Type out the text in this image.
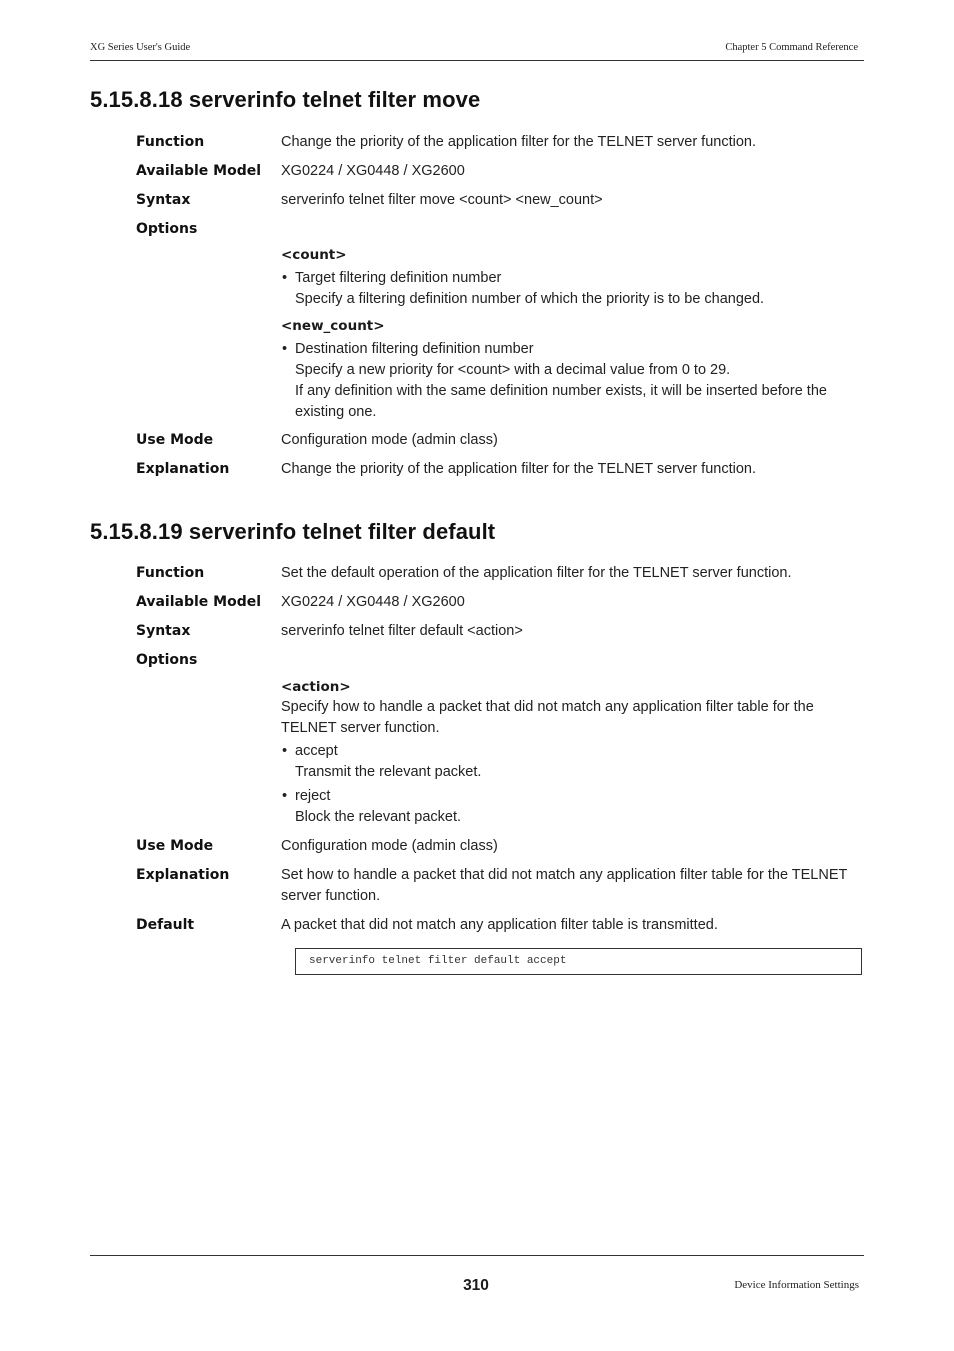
XG Series User's Guide	Chapter 5 Command Reference
5.15.8.18 serverinfo telnet filter move
Function	Change the priority of the application filter for the TELNET server function.
Available Model XG0224 / XG0448 / XG2600
Syntax	serverinfo telnet filter move <count> <new_count>
Options
<count>
• Target filtering definition number
Specify a filtering definition number of which the priority is to be changed.
<new_count>
• Destination filtering definition number
Specify a new priority for <count> with a decimal value from 0 to 29.
If any definition with the same definition number exists, it will be inserted before the
existing one.
Use Mode	Configuration mode (admin class)
Explanation	Change the priority of the application filter for the TELNET server function.
5.15.8.19 serverinfo telnet filter default
Function	Set the default operation of the application filter for the TELNET server function.
Available Model XG0224 / XG0448 / XG2600
Syntax	serverinfo telnet filter default <action>
Options
<action>
Specify how to handle a packet that did not match any application filter table for the
TELNET server function.
• accept
Transmit the relevant packet.
• reject
Block the relevant packet.
Use Mode	Configuration mode (admin class)
Explanation	Set how to handle a packet that did not match any application filter table for the TELNET
server function.
Default	A packet that did not match any application filter table is transmitted.
serverinfo telnet filter default accept
310	Device Information Settings
